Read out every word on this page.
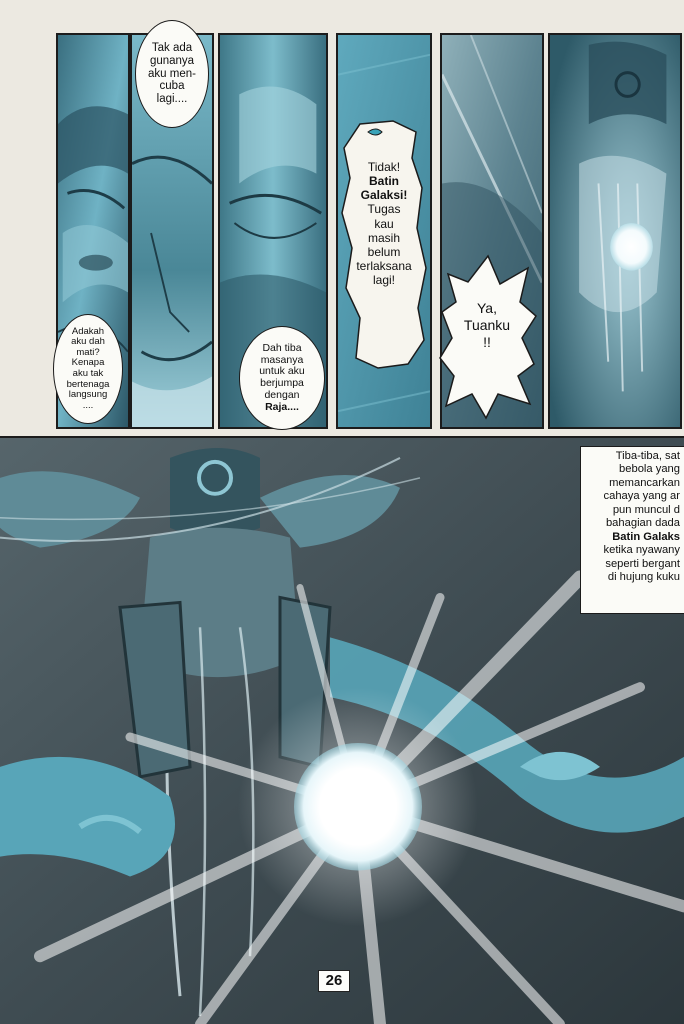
Tak ada
gunanya
aku men-
cuba
lagi....
Adakah
aku dah
mati?
Kenapa
aku tak
bertenaga
langsung
....
Dah tiba
masanya
untuk aku
berjumpa
dengan
Raja....
Tidak!
Batin
Galaksi!
Tugas
kau
masih
belum
terlaksana
lagi!
Ya,
Tuanku
!!
Tiba-tiba, sat
bebola yang
memancarkan
cahaya yang ar
pun muncul d
bahagian dada
Batin Galaks
ketika nyawany
seperti bergant
di hujung kuku
26
